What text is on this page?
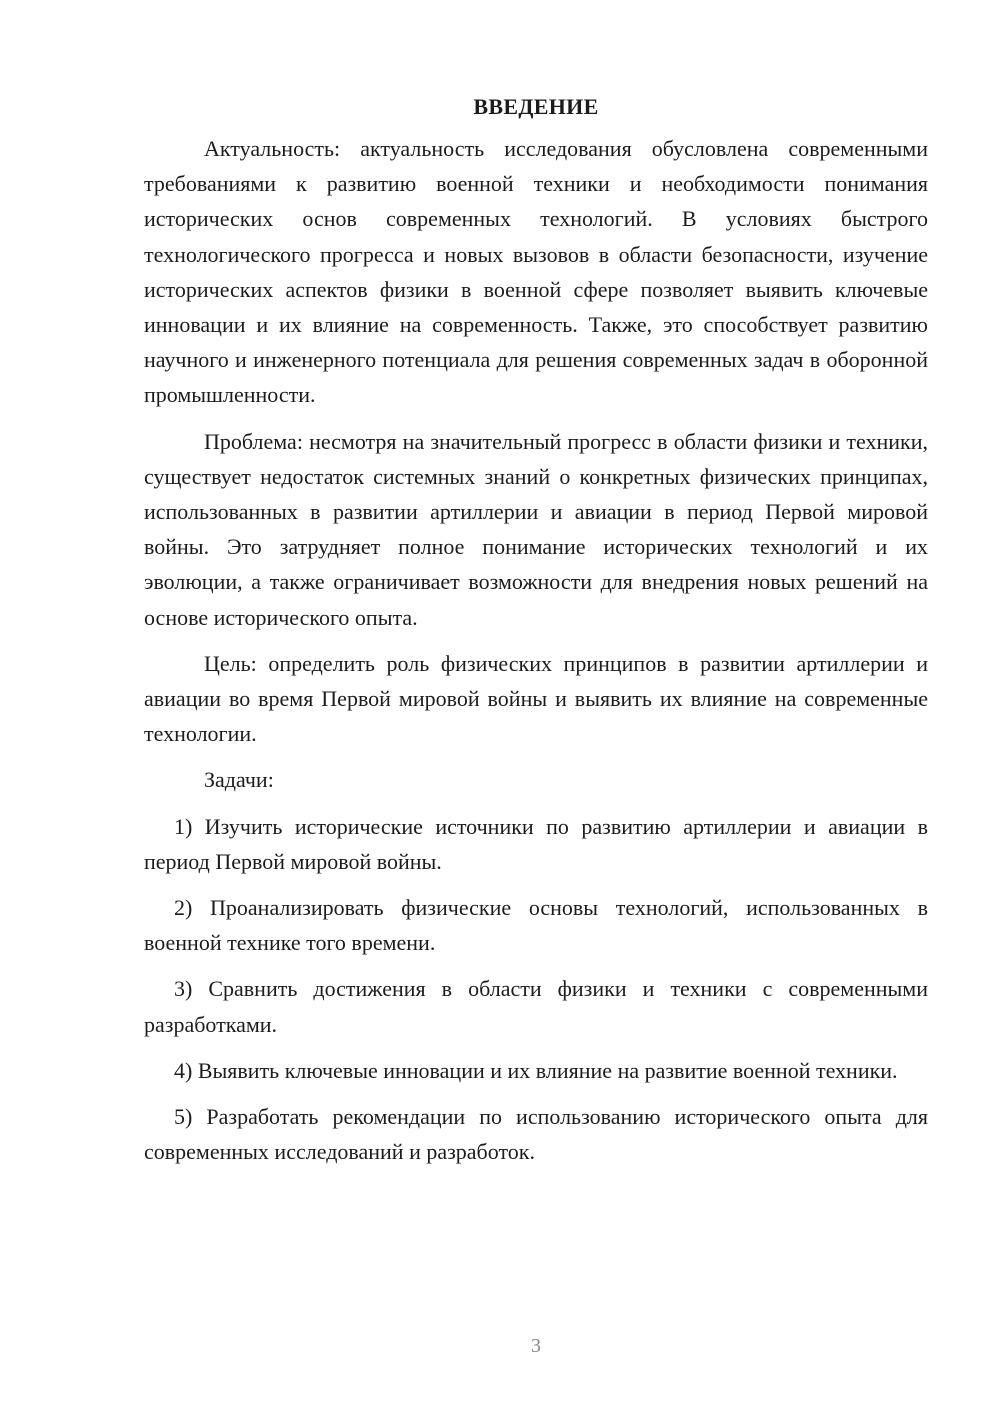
ВВЕДЕНИЕ

Актуальность: актуальность исследования обусловлена современными требованиями к развитию военной техники и необходимости понимания исторических основ современных технологий. В условиях быстрого технологического прогресса и новых вызовов в области безопасности, изучение исторических аспектов физики в военной сфере позволяет выявить ключевые инновации и их влияние на современность. Также, это способствует развитию научного и инженерного потенциала для решения современных задач в оборонной промышленности.

Проблема: несмотря на значительный прогресс в области физики и техники, существует недостаток системных знаний о конкретных физических принципах, использованных в развитии артиллерии и авиации в период Первой мировой войны. Это затрудняет полное понимание исторических технологий и их эволюции, а также ограничивает возможности для внедрения новых решений на основе исторического опыта.

Цель: определить роль физических принципов в развитии артиллерии и авиации во время Первой мировой войны и выявить их влияние на современные технологии.

Задачи:

1) Изучить исторические источники по развитию артиллерии и авиации в период Первой мировой войны.

2) Проанализировать физические основы технологий, использованных в военной технике того времени.

3) Сравнить достижения в области физики и техники с современными разработками.

4) Выявить ключевые инновации и их влияние на развитие военной техники.

5) Разработать рекомендации по использованию исторического опыта для современных исследований и разработок.

3
